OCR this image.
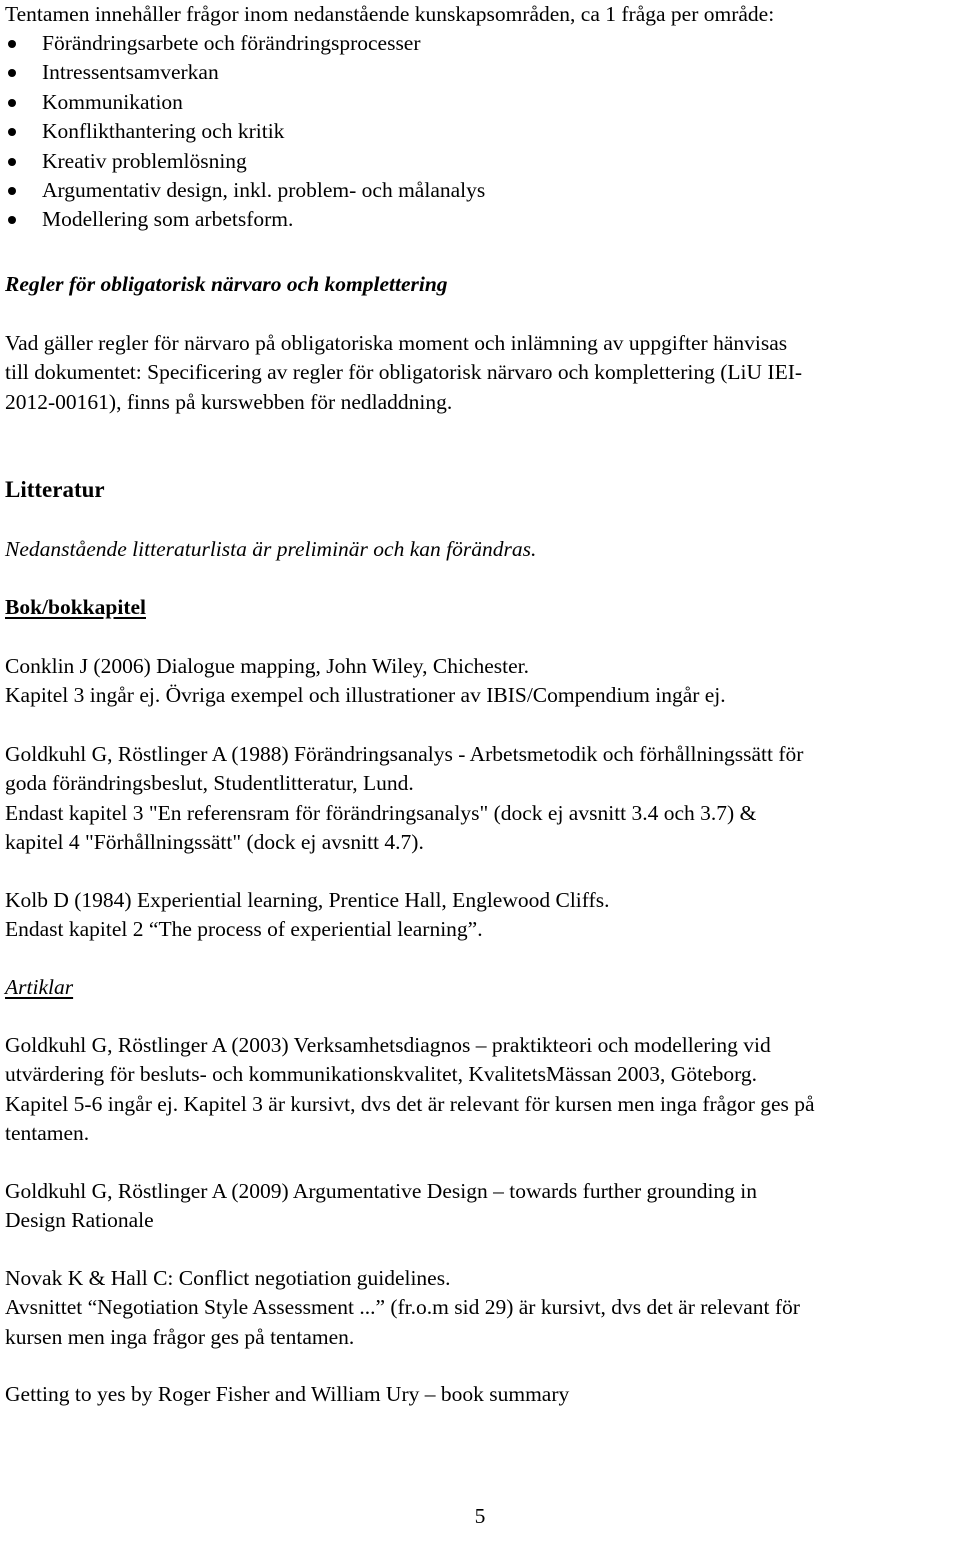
Tentamen innehåller frågor inom nedanstående kunskapsområden, ca 1 fråga per område:
Förändringsarbete och förändringsprocesser
Intressentsamverkan
Kommunikation
Konflikthantering och kritik
Kreativ problemlösning
Argumentativ design, inkl. problem- och målanalys
Modellering som arbetsform.
Regler för obligatorisk närvaro och komplettering
Vad gäller regler för närvaro på obligatoriska moment och inlämning av uppgifter hänvisas
till dokumentet: Specificering av regler för obligatorisk närvaro och komplettering (LiU IEI-
2012-00161), finns på kurswebben för nedladdning.
Litteratur
Nedanstående litteraturlista är preliminär och kan förändras.
Bok/bokkapitel
Conklin J (2006) Dialogue mapping, John Wiley, Chichester.
Kapitel 3 ingår ej. Övriga exempel och illustrationer av IBIS/Compendium ingår ej.
Goldkuhl G, Röstlinger A (1988) Förändringsanalys - Arbetsmetodik och förhållningssätt för
goda förändringsbeslut, Studentlitteratur, Lund.
Endast kapitel 3 "En referensram för förändringsanalys" (dock ej avsnitt 3.4 och 3.7) &
kapitel 4 "Förhållningssätt" (dock ej avsnitt 4.7).
Kolb D (1984) Experiential learning, Prentice Hall, Englewood Cliffs.
Endast kapitel 2 “The process of experiential learning”.
Artiklar
Goldkuhl G, Röstlinger A (2003) Verksamhetsdiagnos – praktikteori och modellering vid
utvärdering för besluts- och kommunikationskvalitet, KvalitetsMässan 2003, Göteborg.
Kapitel 5-6 ingår ej. Kapitel 3 är kursivt, dvs det är relevant för kursen men inga frågor ges på
tentamen.
Goldkuhl G, Röstlinger A (2009) Argumentative Design – towards further grounding in
Design Rationale
Novak K & Hall C: Conflict negotiation guidelines.
Avsnittet “Negotiation Style Assessment ...” (fr.o.m sid 29) är kursivt, dvs det är relevant för
kursen men inga frågor ges på tentamen.
Getting to yes by Roger Fisher and William Ury – book summary
5
